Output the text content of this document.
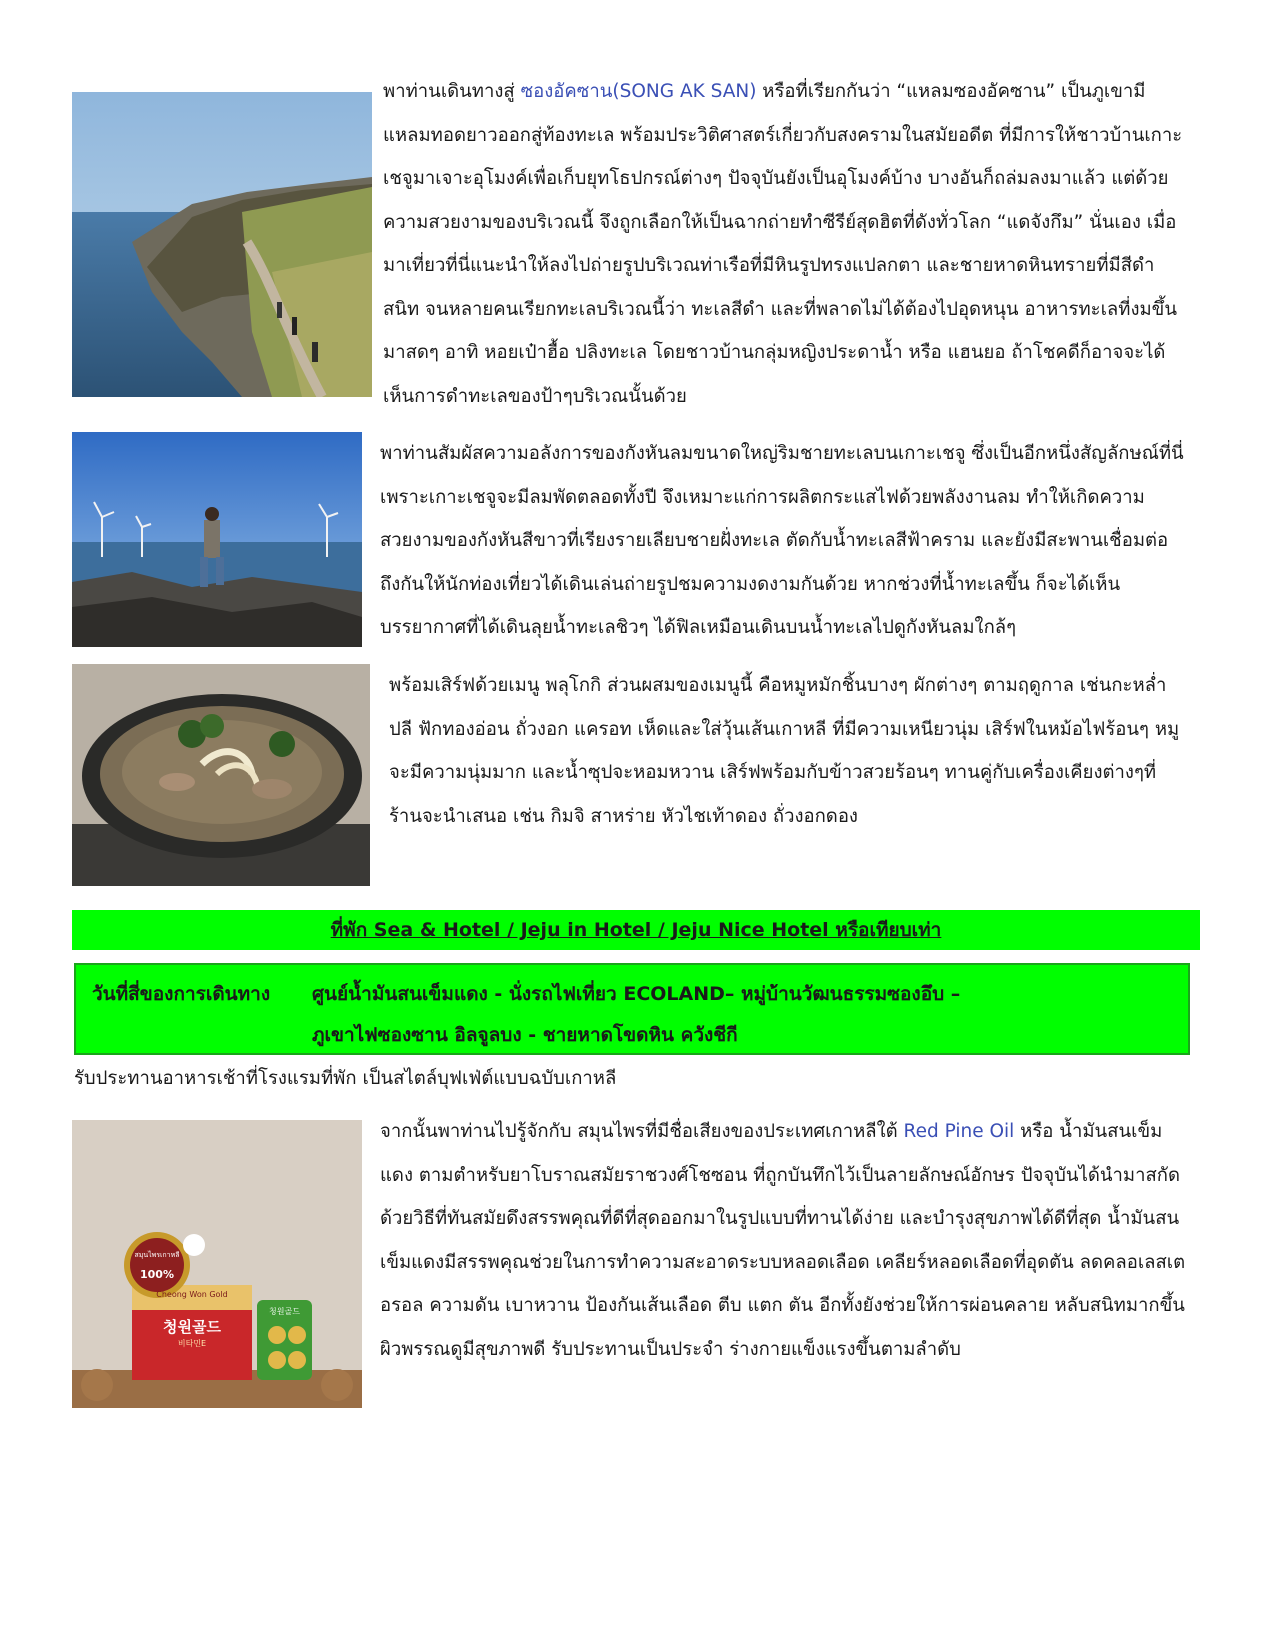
พาท่านเดินทางสู่ ซองอัคซาน(SONG AK SAN) หรือที่เรียกกันว่า “แหลมซองอัคซาน” เป็นภูเขามีแหลมทอดยาวออกสู่ท้องทะเล พร้อมประวิติศาสตร์เกี่ยวกับสงครามในสมัยอดีต ที่มีการให้ชาวบ้านเกาะเชจูมาเจาะอุโมงค์เพื่อเก็บยุทโธปกรณ์ต่างๆ ปัจจุบันยังเป็นอุโมงค์บ้าง บางอันก็ถล่มลงมาแล้ว แต่ด้วยความสวยงามของบริเวณนี้ จึงถูกเลือกให้เป็นฉากถ่ายทำซีรีย์สุดฮิตที่ดังทั่วโลก “แดจังกึม” นั่นเอง เมื่อมาเที่ยวที่นี่แนะนำให้ลงไปถ่ายรูปบริเวณท่าเรือที่มีหินรูปทรงแปลกตา และชายหาดหินทรายที่มีสีดำสนิท จนหลายคนเรียกทะเลบริเวณนี้ว่า ทะเลสีดำ และที่พลาดไม่ได้ต้องไปอุดหนุน อาหารทะเลที่งมขึ้นมาสดๆ อาทิ หอยเป๋าฮื้อ ปลิงทะเล โดยชาวบ้านกลุ่มหญิงประดาน้ำ หรือ แฮนยอ ถ้าโชคดีก็อาจจะได้เห็นการดำทะเลของป้าๆบริเวณนั้นด้วย

พาท่านสัมผัสความอลังการของกังหันลมขนาดใหญ่ริมชายทะเลบนเกาะเชจู ซึ่งเป็นอีกหนึ่งสัญลักษณ์ที่นี่ เพราะเกาะเชจูจะมีลมพัดตลอดทั้งปี จึงเหมาะแก่การผลิตกระแสไฟด้วยพลังงานลม ทำให้เกิดความสวยงามของกังหันสีขาวที่เรียงรายเลียบชายฝั่งทะเล ตัดกับน้ำทะเลสีฟ้าคราม และยังมีสะพานเชื่อมต่อถึงกันให้นักท่องเที่ยวได้เดินเล่นถ่ายรูปชมความงดงามกันด้วย หากช่วงที่น้ำทะเลขึ้น ก็จะได้เห็นบรรยากาศที่ได้เดินลุยน้ำทะเลชิวๆ ได้ฟิลเหมือนเดินบนน้ำทะเลไปดูกังหันลมใกล้ๆ

พร้อมเสิร์ฟด้วยเมนู พลุโกกิ ส่วนผสมของเมนูนี้ คือหมูหมักชิ้นบางๆ ผักต่างๆ ตามฤดูกาล เช่นกะหล่ำปลี ฟักทองอ่อน ถั่วงอก แครอท เห็ดและใส่วุ้นเส้นเกาหลี ที่มีความเหนียวนุ่ม เสิร์ฟในหม้อไฟร้อนๆ หมูจะมีความนุ่มมาก และน้ำซุปจะหอมหวาน เสิร์ฟพร้อมกับข้าวสวยร้อนๆ ทานคู่กับเครื่องเคียงต่างๆที่ร้านจะนำเสนอ เช่น กิมจิ สาหร่าย หัวไชเท้าดอง ถั่วงอกดอง

ที่พัก Sea & Hotel / Jeju in Hotel / Jeju Nice Hotel หรือเทียบเท่า
วันที่สี่ของการเดินทาง ศูนย์น้ำมันสนเข็มแดง - นั่งรถไฟเที่ยว ECOLAND– หมู่บ้านวัฒนธรรมซองอึบ –
ภูเขาไฟซองซาน อิลจูลบง - ชายหาดโขดหิน ควังชีกี
รับประทานอาหารเช้าที่โรงแรมที่พัก เป็นสไตล์บุฟเฟ่ต์แบบฉบับเกาหลี
สมุนไพรเกาหลี
100%
Cheong Won Gold
청원골드
비타민E
청원골드

จากนั้นพาท่านไปรู้จักกับ สมุนไพรที่มีชื่อเสียงของประเทศเกาหลีใต้ Red Pine Oil หรือ น้ำมันสนเข็มแดง ตามตำหรับยาโบราณสมัยราชวงศ์โชซอน ที่ถูกบันทึกไว้เป็นลายลักษณ์อักษร ปัจจุบันได้นำมาสกัดด้วยวิธีที่ทันสมัยดึงสรรพคุณที่ดีที่สุดออกมาในรูปแบบที่ทานได้ง่าย และบำรุงสุขภาพได้ดีที่สุด น้ำมันสนเข็มแดงมีสรรพคุณช่วยในการทำความสะอาดระบบหลอดเลือด เคลียร์หลอดเลือดที่อุดตัน ลดคลอเลสเตอรอล ความดัน เบาหวาน ป้องกันเส้นเลือด ตีบ แตก ตัน อีกทั้งยังช่วยให้การผ่อนคลาย หลับสนิทมากขึ้น ผิวพรรณดูมีสุขภาพดี รับประทานเป็นประจำ ร่างกายแข็งแรงขึ้นตามลำดับ
